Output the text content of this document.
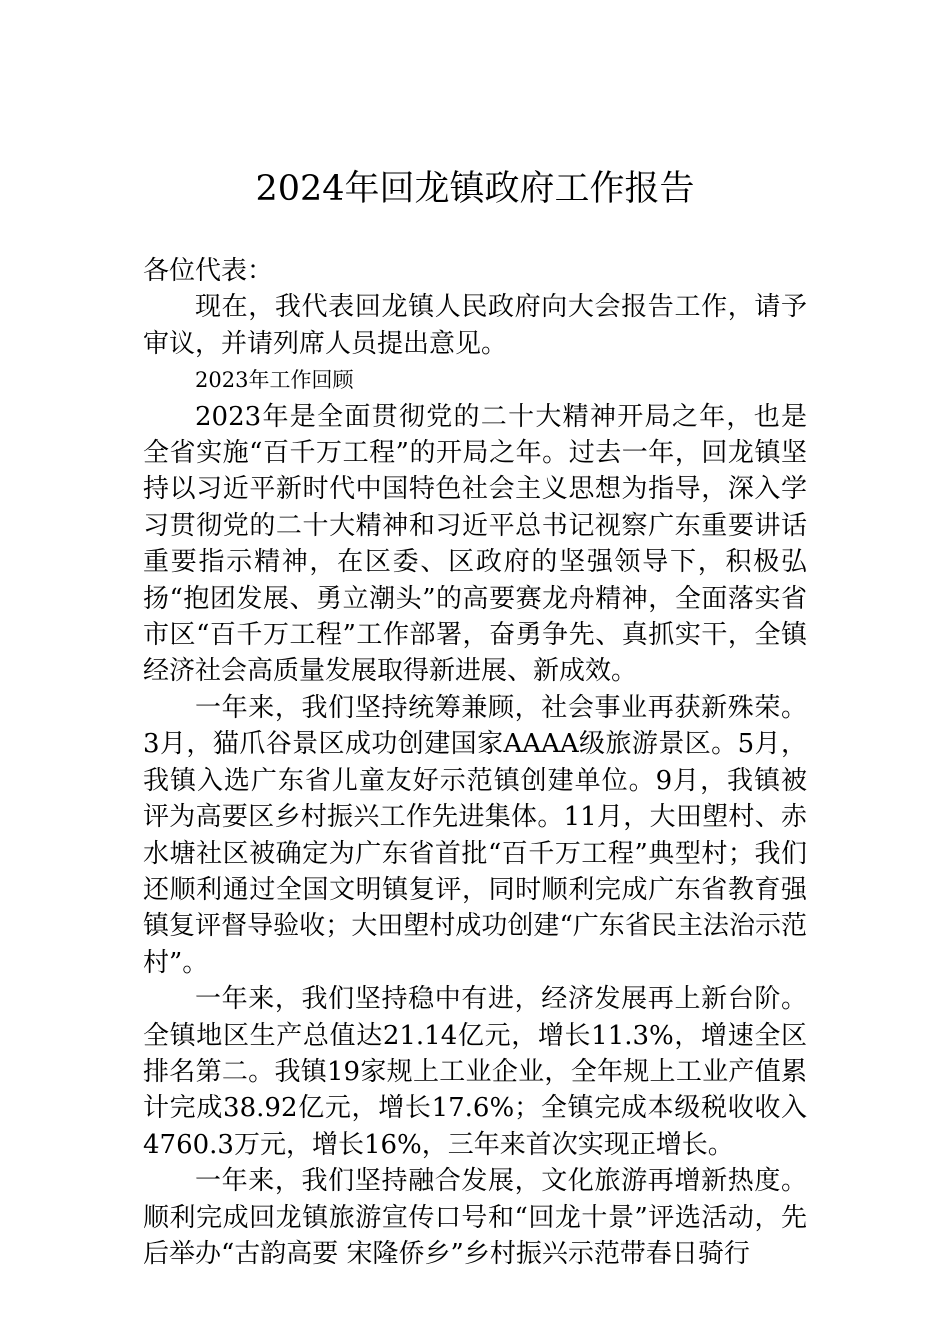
2024年回龙镇政府工作报告

各位代表：

现在，我代表回龙镇人民政府向大会报告工作，请予审议，并请列席人员提出意见。

2023年工作回顾

2023年是全面贯彻党的二十大精神开局之年，也是全省实施“百千万工程”的开局之年。过去一年，回龙镇坚持以习近平新时代中国特色社会主义思想为指导，深入学习贯彻党的二十大精神和习近平总书记视察广东重要讲话重要指示精神，在区委、区政府的坚强领导下，积极弘扬“抱团发展、勇立潮头”的高要赛龙舟精神，全面落实省市区“百千万工程”工作部署，奋勇争先、真抓实干，全镇经济社会高质量发展取得新进展、新成效。

一年来，我们坚持统筹兼顾，社会事业再获新殊荣。3月，猫爪谷景区成功创建国家AAAA级旅游景区。5月，我镇入选广东省儿童友好示范镇创建单位。9月，我镇被评为高要区乡村振兴工作先进集体。11月，大田塱村、赤水塘社区被确定为广东省首批“百千万工程”典型村；我们还顺利通过全国文明镇复评，同时顺利完成广东省教育强镇复评督导验收；大田塱村成功创建“广东省民主法治示范村”。

一年来，我们坚持稳中有进，经济发展再上新台阶。全镇地区生产总值达21.14亿元，增长11.3%，增速全区排名第二。我镇19家规上工业企业，全年规上工业产值累计完成38.92亿元，增长17.6%；全镇完成本级税收收入4760.3万元，增长16%，三年来首次实现正增长。

一年来，我们坚持融合发展，文化旅游再增新热度。顺利完成回龙镇旅游宣传口号和“回龙十景”评选活动，先后举办“古韵高要 宋隆侨乡”乡村振兴示范带春日骑行
